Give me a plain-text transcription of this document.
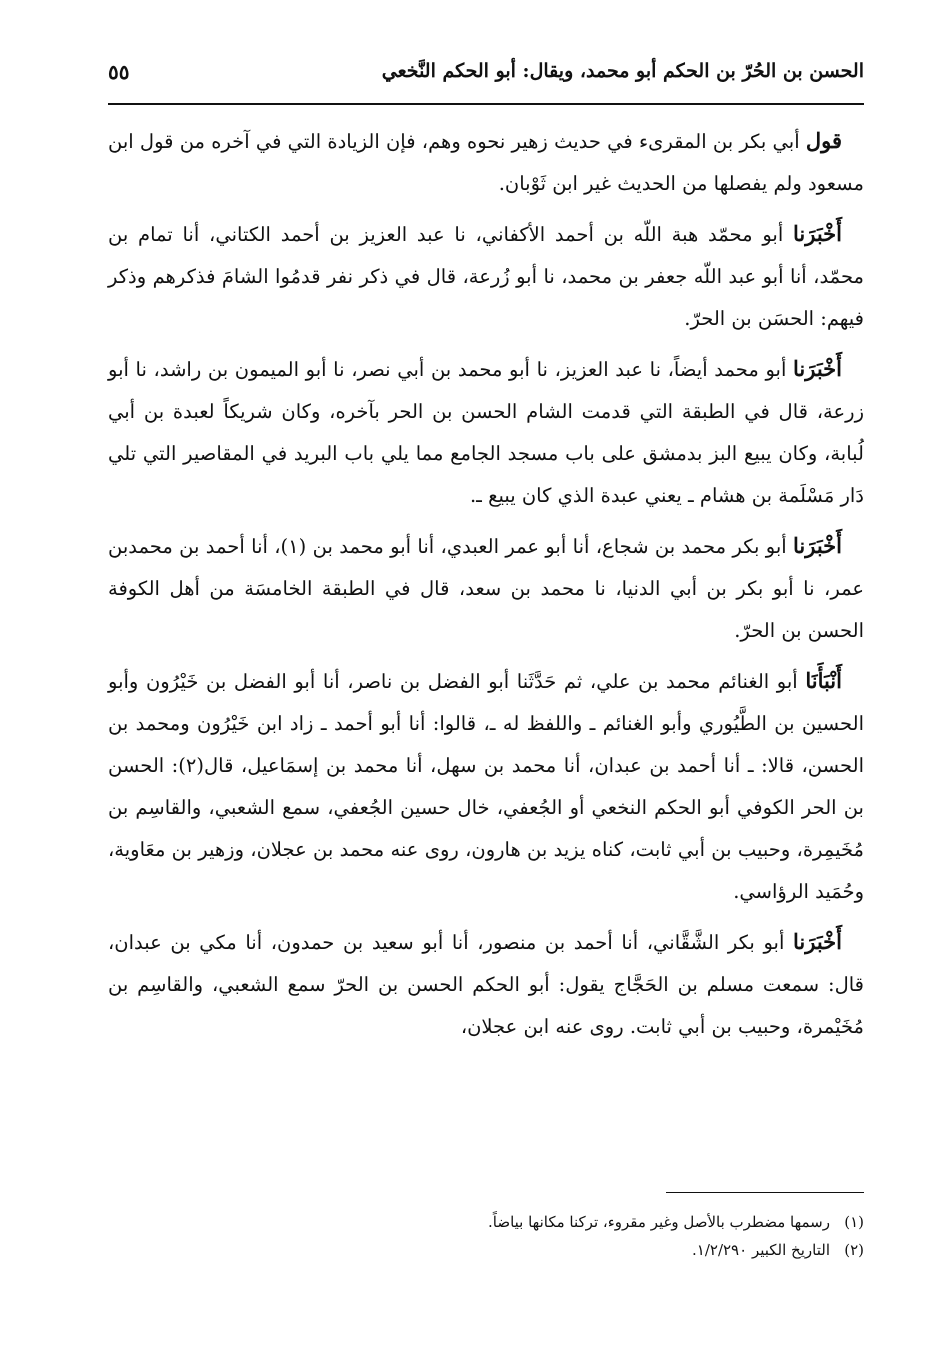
الحسن بن الحُرّ بن الحكم أبو محمد، ويقال: أبو الحكم النَّخعي
٥٥

قول أبي بكر بن المقرىء في حديث زهير نحوه وهم، فإن الزيادة التي في آخره من قول ابن مسعود ولم يفصلها من الحديث غير ابن ثَوْبان.

أَخْبَرَنا أبو محمّد هبة اللّه بن أحمد الأكفاني، نا عبد العزيز بن أحمد الكتاني، أنا تمام بن محمّد، أنا أبو عبد اللّه جعفر بن محمد، نا أبو زُرعة، قال في ذكر نفر قدمُوا الشامَ فذكرهم وذكر فيهم: الحسَن بن الحرّ.

أَخْبَرَنا أبو محمد أيضاً، نا عبد العزيز، نا أبو محمد بن أبي نصر، نا أبو الميمون بن راشد، نا أبو زرعة، قال في الطبقة التي قدمت الشام الحسن بن الحر بآخره، وكان شريكاً لعبدة بن أبي لُبابة، وكان يبيع البز بدمشق على باب مسجد الجامع مما يلي باب البريد في المقاصير التي تلي دَار مَسْلَمة بن هشام ـ يعني عبدة الذي كان يبيع ـ.

أَخْبَرَنا أبو بكر محمد بن شجاع، أنا أبو عمر العبدي، أنا أبو محمد بن (١)، أنا أحمد بن محمدبن عمر، نا أبو بكر بن أبي الدنيا، نا محمد بن سعد، قال في الطبقة الخامسَة من أهل الكوفة الحسن بن الحرّ.

أَنْبَأَنَا أبو الغنائم محمد بن علي، ثم حَدَّثَنا أبو الفضل بن ناصر، أنا أبو الفضل بن خَيْرُون وأبو الحسين بن الطَّيُوري وأبو الغنائم ـ واللفظ له ـ، قالوا: أنا أبو أحمد ـ زاد ابن خَيْرُون ومحمد بن الحسن، قالا: ـ أنا أحمد بن عبدان، أنا محمد بن سهل، أنا محمد بن إسمَاعيل، قال(٢): الحسن بن الحر الكوفي أبو الحكم النخعي أو الجُعفي، خال حسين الجُعفي، سمع الشعبي، والقاسِم بن مُخَيمِرة، وحبيب بن أبي ثابت، كناه يزيد بن هارون، روى عنه محمد بن عجلان، وزهير بن معَاوية، وحُمَيد الرؤاسي.

أَخْبَرَنا أبو بكر الشَّقَّاني، أنا أحمد بن منصور، أنا أبو سعيد بن حمدون، أنا مكي بن عبدان، قال: سمعت مسلم بن الحَجَّاج يقول: أبو الحكم الحسن بن الحرّ سمع الشعبي، والقاسِم بن مُخَيْمرة، وحبيب بن أبي ثابت. روى عنه ابن عجلان،

(١)رسمها مضطرب بالأصل وغير مقروء، تركنا مكانها بياضاً.

(٢)التاريخ الكبير ١/٢/٢٩٠.
